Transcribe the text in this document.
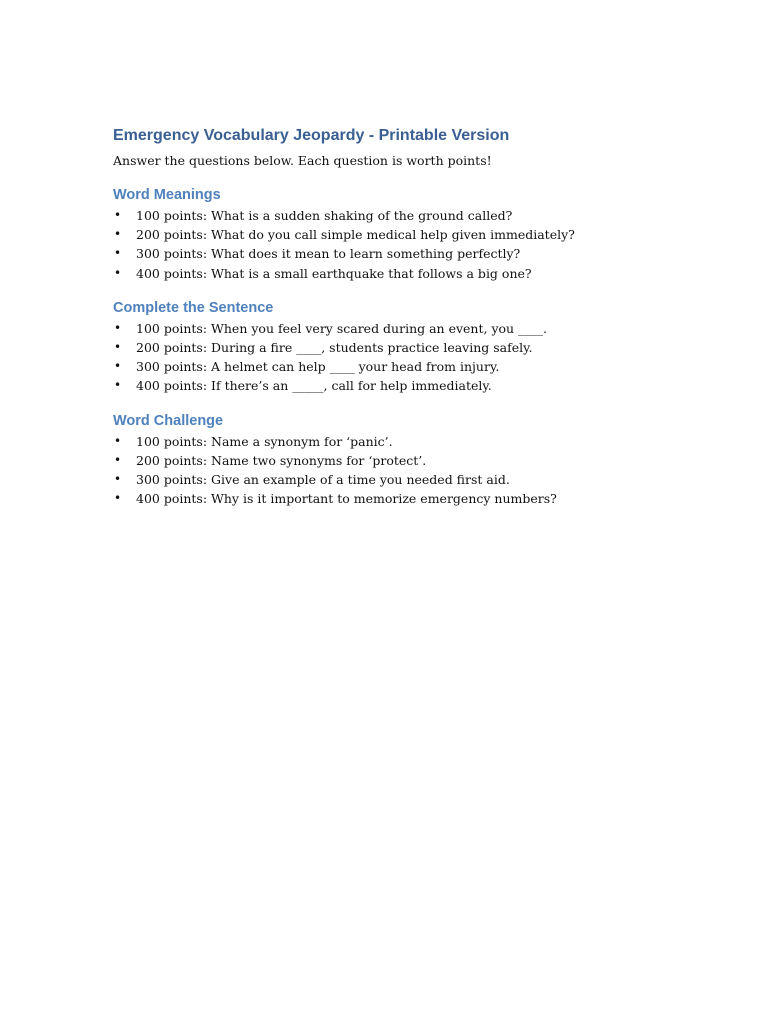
Emergency Vocabulary Jeopardy - Printable Version

Answer the questions below. Each question is worth points!

Word Meanings
• 100 points: What is a sudden shaking of the ground called?
• 200 points: What do you call simple medical help given immediately?
• 300 points: What does it mean to learn something perfectly?
• 400 points: What is a small earthquake that follows a big one?
Complete the Sentence
• 100 points: When you feel very scared during an event, you ____.
• 200 points: During a fire ____, students practice leaving safely.
• 300 points: A helmet can help ____ your head from injury.
• 400 points: If there’s an _____, call for help immediately.
Word Challenge
• 100 points: Name a synonym for ‘panic’.
• 200 points: Name two synonyms for ‘protect’.
• 300 points: Give an example of a time you needed first aid.
• 400 points: Why is it important to memorize emergency numbers?
